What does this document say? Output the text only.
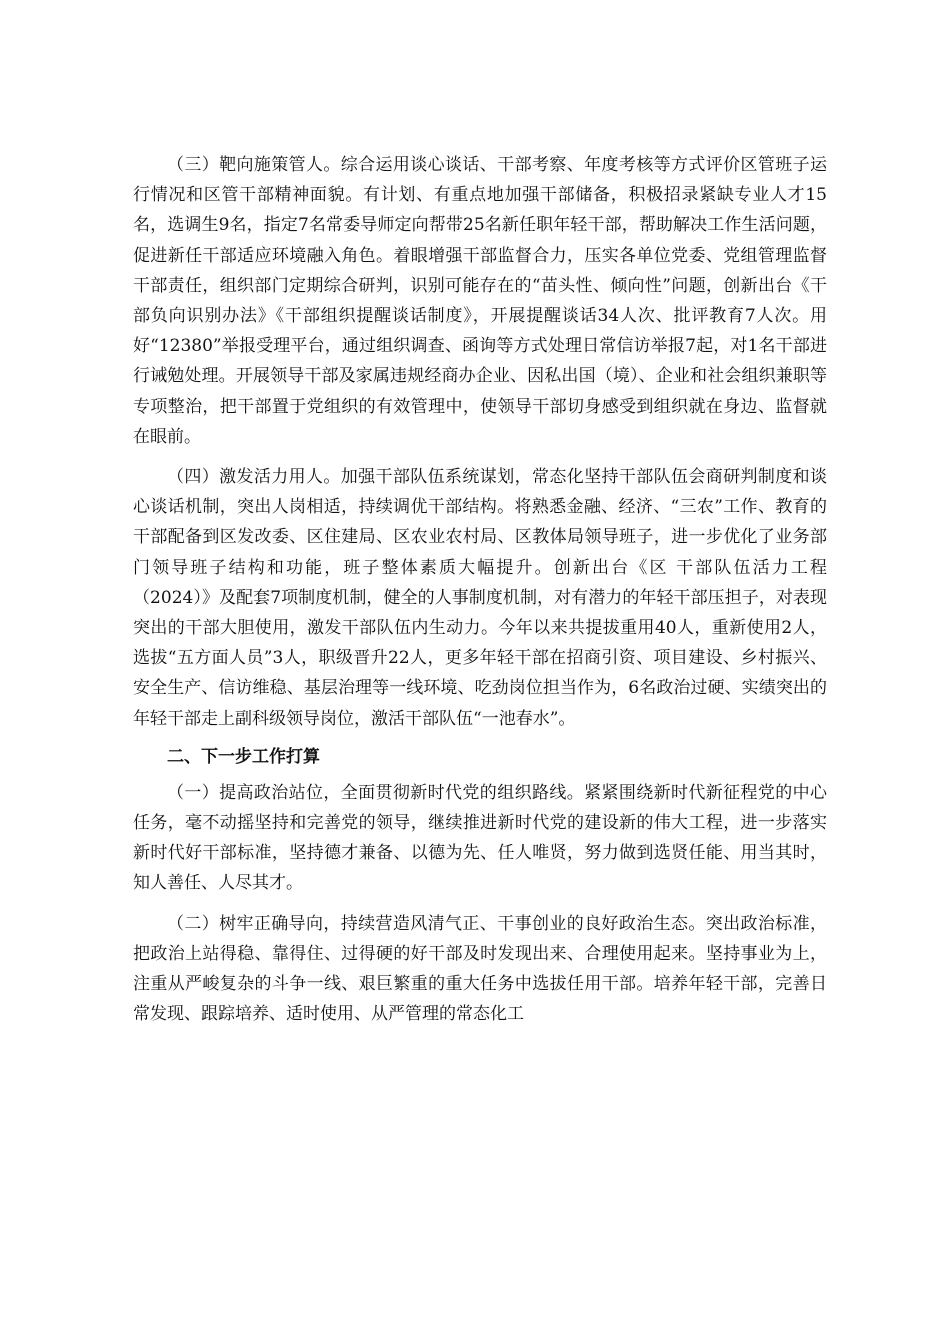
（三）靶向施策管人。综合运用谈心谈话、干部考察、年度考核等方式评价区管班子运行情况和区管干部精神面貌。有计划、有重点地加强干部储备，积极招录紧缺专业人才15名，选调生9名，指定7名常委导师定向帮带25名新任职年轻干部，帮助解决工作生活问题，促进新任干部适应环境融入角色。着眼增强干部监督合力，压实各单位党委、党组管理监督干部责任，组织部门定期综合研判，识别可能存在的“苗头性、倾向性”问题，创新出台《干部负向识别办法》《干部组织提醒谈话制度》，开展提醒谈话34人次、批评教育7人次。用好“12380”举报受理平台，通过组织调查、函询等方式处理日常信访举报7起，对1名干部进行诫勉处理。开展领导干部及家属违规经商办企业、因私出国（境）、企业和社会组织兼职等专项整治，把干部置于党组织的有效管理中，使领导干部切身感受到组织就在身边、监督就在眼前。

（四）激发活力用人。加强干部队伍系统谋划，常态化坚持干部队伍会商研判制度和谈心谈话机制，突出人岗相适，持续调优干部结构。将熟悉金融、经济、“三农”工作、教育的干部配备到区发改委、区住建局、区农业农村局、区教体局领导班子，进一步优化了业务部门领导班子结构和功能，班子整体素质大幅提升。创新出台《区 干部队伍活力工程（2024）》及配套7项制度机制，健全的人事制度机制，对有潜力的年轻干部压担子，对表现突出的干部大胆使用，激发干部队伍内生动力。今年以来共提拔重用40人，重新使用2人，选拔“五方面人员”3人，职级晋升22人，更多年轻干部在招商引资、项目建设、乡村振兴、安全生产、信访维稳、基层治理等一线环境、吃劲岗位担当作为，6名政治过硬、实绩突出的年轻干部走上副科级领导岗位，激活干部队伍“一池春水”。

二、下一步工作打算

（一）提高政治站位，全面贯彻新时代党的组织路线。紧紧围绕新时代新征程党的中心任务，毫不动摇坚持和完善党的领导，继续推进新时代党的建设新的伟大工程，进一步落实新时代好干部标准，坚持德才兼备、以德为先、任人唯贤，努力做到选贤任能、用当其时，知人善任、人尽其才。

（二）树牢正确导向，持续营造风清气正、干事创业的良好政治生态。突出政治标准，把政治上站得稳、靠得住、过得硬的好干部及时发现出来、合理使用起来。坚持事业为上，注重从严峻复杂的斗争一线、艰巨繁重的重大任务中选拔任用干部。培养年轻干部，完善日常发现、跟踪培养、适时使用、从严管理的常态化工
